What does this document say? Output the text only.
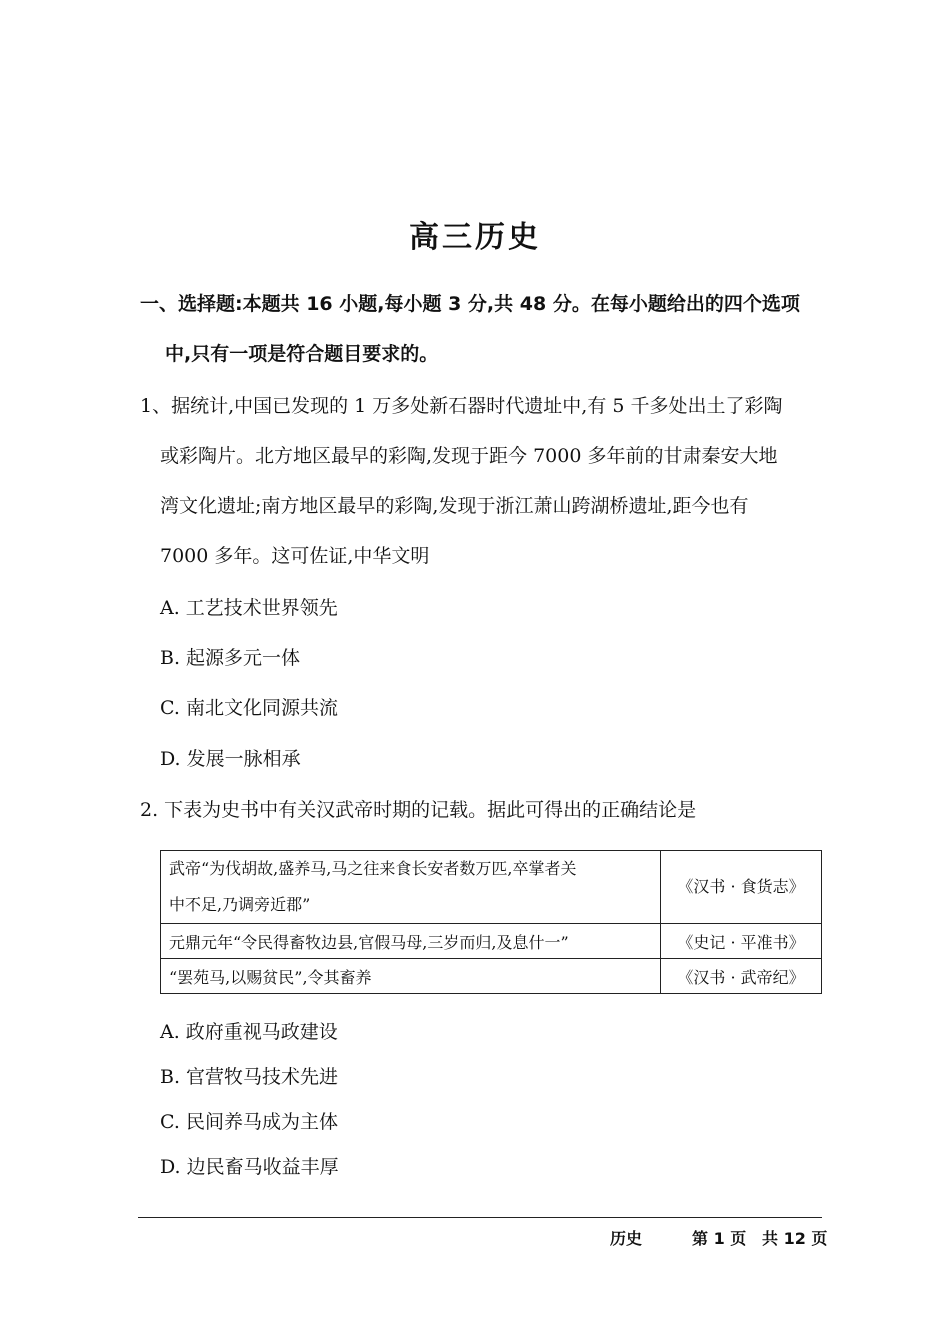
高三历史
一、选择题:本题共 16 小题,每小题 3 分,共 48 分。在每小题给出的四个选项
中,只有一项是符合题目要求的。
1、据统计,中国已发现的 1 万多处新石器时代遗址中,有 5 千多处出土了彩陶
或彩陶片。北方地区最早的彩陶,发现于距今 7000 多年前的甘肃秦安大地
湾文化遗址;南方地区最早的彩陶,发现于浙江萧山跨湖桥遗址,距今也有
7000 多年。这可佐证,中华文明
A. 工艺技术世界领先
B. 起源多元一体
C. 南北文化同源共流
D. 发展一脉相承
2. 下表为史书中有关汉武帝时期的记载。据此可得出的正确结论是
武帝“为伐胡故,盛养马,马之往来食长安者数万匹,卒掌者关
中不足,乃调旁近郡”	《汉书 · 食货志》
元鼎元年“令民得畜牧边县,官假马母,三岁而归,及息什一”	《史记 · 平准书》
“罢苑马,以赐贫民”,令其畜养	《汉书 · 武帝纪》
A. 政府重视马政建设
B. 官营牧马技术先进
C. 民间养马成为主体
D. 边民畜马收益丰厚
历史	第 1 页 共 12 页
